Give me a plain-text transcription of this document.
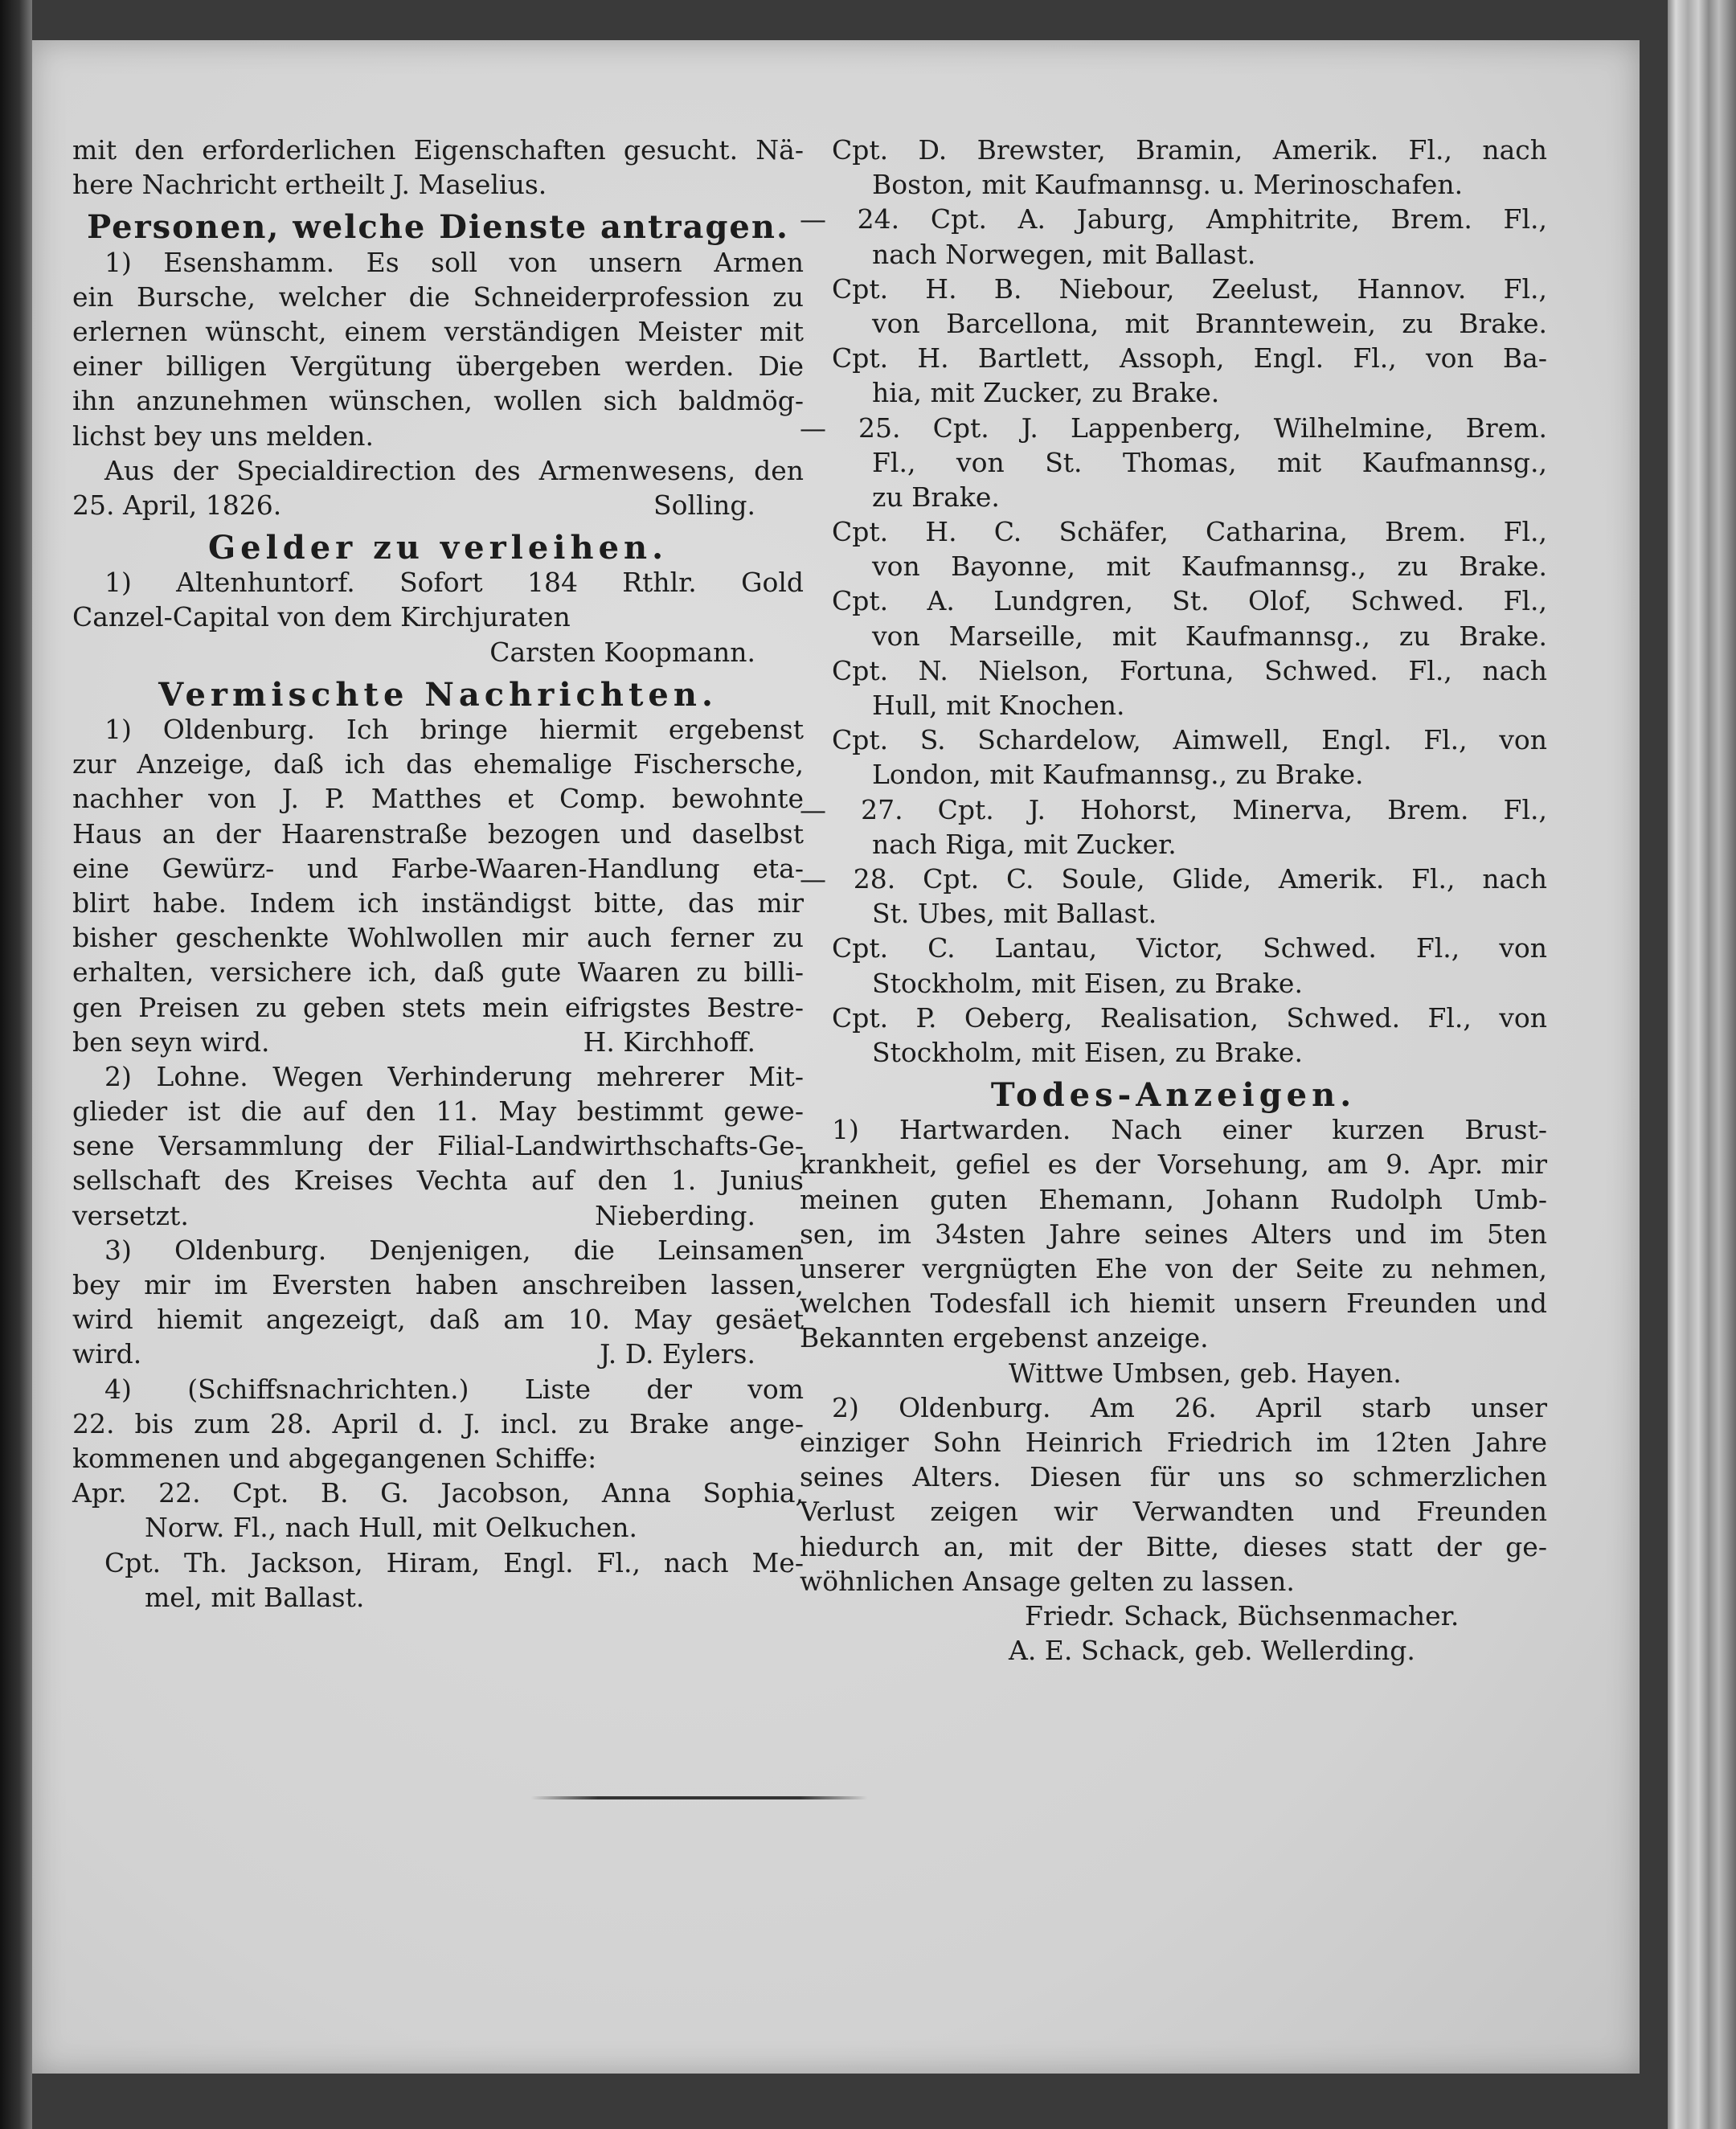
mit den erforderlichen Eigenschaften gesucht. Nä-
here Nachricht ertheilt J. Maselius.
Personen, welche Dienste antragen.
1) Esenshamm. Es soll von unsern Armen
ein Bursche, welcher die Schneiderprofession zu
erlernen wünscht, einem verständigen Meister mit
einer billigen Vergütung übergeben werden. Die
ihn anzunehmen wünschen, wollen sich baldmög-
lichst bey uns melden.
Aus der Specialdirection des Armenwesens, den
25. April, 1826.	Solling.
Gelder zu verleihen.
1) Altenhuntorf. Sofort 184 Rthlr. Gold
Canzel-Capital von dem Kirchjuraten
Carsten Koopmann.
Vermischte Nachrichten.
1) Oldenburg. Ich bringe hiermit ergebenst
zur Anzeige, daß ich das ehemalige Fischersche,
nachher von J. P. Matthes et Comp. bewohnte
Haus an der Haarenstraße bezogen und daselbst
eine Gewürz- und Farbe-Waaren-Handlung eta-
blirt habe. Indem ich inständigst bitte, das mir
bisher geschenkte Wohlwollen mir auch ferner zu
erhalten, versichere ich, daß gute Waaren zu billi-
gen Preisen zu geben stets mein eifrigstes Bestre-
ben seyn wird.	H. Kirchhoff.
2) Lohne. Wegen Verhinderung mehrerer Mit-
glieder ist die auf den 11. May bestimmt gewe-
sene Versammlung der Filial-Landwirthschafts-Ge-
sellschaft des Kreises Vechta auf den 1. Junius
versetzt.	Nieberding.
3) Oldenburg. Denjenigen, die Leinsamen
bey mir im Eversten haben anschreiben lassen,
wird hiemit angezeigt, daß am 10. May gesäet
wird.	J. D. Eylers.
4) (Schiffsnachrichten.) Liste der vom
22. bis zum 28. April d. J. incl. zu Brake ange-
kommenen und abgegangenen Schiffe:
Apr. 22. Cpt. B. G. Jacobson, Anna Sophia,
Norw. Fl., nach Hull, mit Oelkuchen.
Cpt. Th. Jackson, Hiram, Engl. Fl., nach Me-
mel, mit Ballast.
Cpt. D. Brewster, Bramin, Amerik. Fl., nach
Boston, mit Kaufmannsg. u. Merinoschafen.
— 24. Cpt. A. Jaburg, Amphitrite, Brem. Fl.,
nach Norwegen, mit Ballast.
Cpt. H. B. Niebour, Zeelust, Hannov. Fl.,
von Barcellona, mit Branntewein, zu Brake.
Cpt. H. Bartlett, Assoph, Engl. Fl., von Ba-
hia, mit Zucker, zu Brake.
— 25. Cpt. J. Lappenberg, Wilhelmine, Brem.
Fl., von St. Thomas, mit Kaufmannsg.,
zu Brake.
Cpt. H. C. Schäfer, Catharina, Brem. Fl.,
von Bayonne, mit Kaufmannsg., zu Brake.
Cpt. A. Lundgren, St. Olof, Schwed. Fl.,
von Marseille, mit Kaufmannsg., zu Brake.
Cpt. N. Nielson, Fortuna, Schwed. Fl., nach
Hull, mit Knochen.
Cpt. S. Schardelow, Aimwell, Engl. Fl., von
London, mit Kaufmannsg., zu Brake.
— 27. Cpt. J. Hohorst, Minerva, Brem. Fl.,
nach Riga, mit Zucker.
— 28. Cpt. C. Soule, Glide, Amerik. Fl., nach
St. Ubes, mit Ballast.
Cpt. C. Lantau, Victor, Schwed. Fl., von
Stockholm, mit Eisen, zu Brake.
Cpt. P. Oeberg, Realisation, Schwed. Fl., von
Stockholm, mit Eisen, zu Brake.
Todes-Anzeigen.
1) Hartwarden. Nach einer kurzen Brust-
krankheit, gefiel es der Vorsehung, am 9. Apr. mir
meinen guten Ehemann, Johann Rudolph Umb-
sen, im 34sten Jahre seines Alters und im 5ten
unserer vergnügten Ehe von der Seite zu nehmen,
welchen Todesfall ich hiemit unsern Freunden und
Bekannten ergebenst anzeige.
Wittwe Umbsen, geb. Hayen.
2) Oldenburg. Am 26. April starb unser
einziger Sohn Heinrich Friedrich im 12ten Jahre
seines Alters. Diesen für uns so schmerzlichen
Verlust zeigen wir Verwandten und Freunden
hiedurch an, mit der Bitte, dieses statt der ge-
wöhnlichen Ansage gelten zu lassen.
Friedr. Schack, Büchsenmacher.
A. E. Schack, geb. Wellerding.
